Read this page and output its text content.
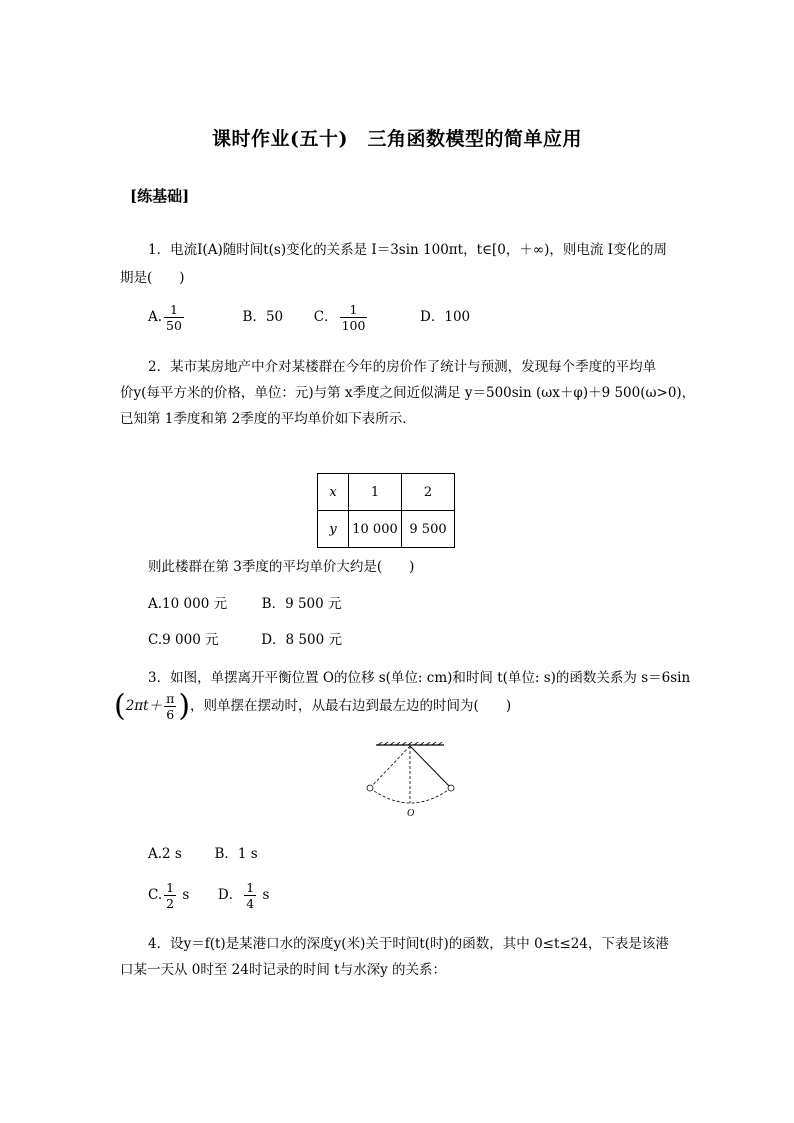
课时作业(五十)　三角函数模型的简单应用
[练基础]
1．电流I(A)随时间t(s)变化的关系是 I＝3sin 100πt，t∈[0，＋∞)，则电流 I变化的周
期是(　　)
A. $\frac{1}{50}$	B．50 C． $\frac{1}{100}$	D．100
2．某市某房地产中介对某楼群在今年的房价作了统计与预测，发现每个季度的平均单
价y(每平方米的价格，单位：元)与第 x季度之间近似满足 y＝500sin (ωx＋φ)＋9 500(ω>0)，
已知第 1季度和第 2季度的平均单价如下表所示．
x	1	2
y	10 000	9 500
则此楼群在第 3季度的平均单价大约是(　　)
A.10 000 元	B．9 500 元
C.9 000 元	D．8 500 元
3．如图，单摆离开平衡位置 O的位移 s(单位: cm)和时间 t(单位: s)的函数关系为 s＝6sin
($2\pi t+ \frac{\pi}{6}$ )，则单摆在摆动时，从最右边到最左边的时间为(　　)
O
A.2 s B．1 s
C. $\frac{1}{2}$ s D． $\frac{1}{4}$ s
4．设y＝f(t)是某港口水的深度y(米)关于时间t(时)的函数，其中 0≤t≤24，下表是该港
口某一天从 0时至 24时记录的时间 t与水深y 的关系：
